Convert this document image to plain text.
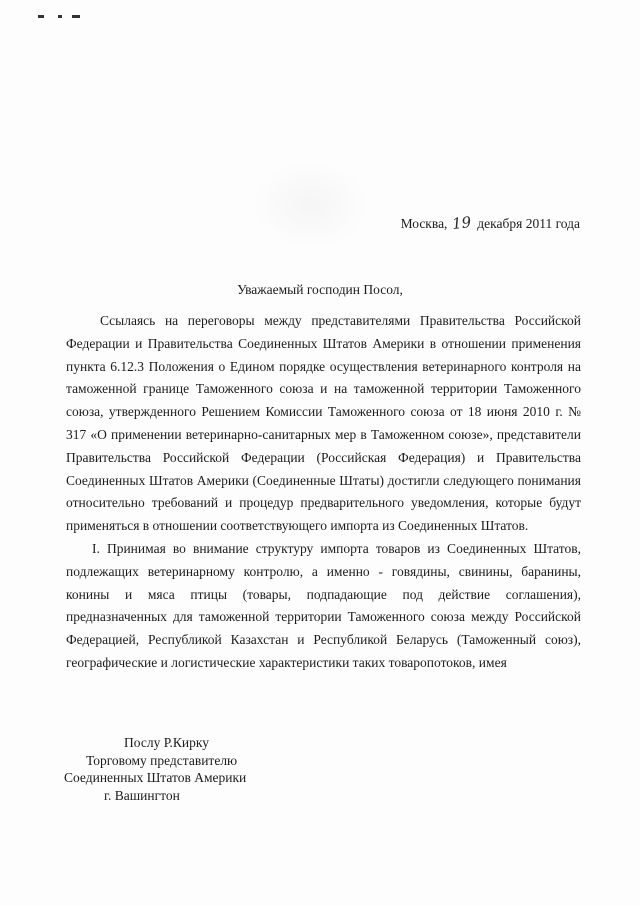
Москва, 19 декабря 2011 года
Уважаемый господин Посол,

Ссылаясь на переговоры между представителями Правительства Российской Федерации и Правительства Соединенных Штатов Америки в отношении применения пункта 6.12.3 Положения о Едином порядке осуществления ветеринарного контроля на таможенной границе Таможенного союза и на таможенной территории Таможенного союза, утвержденного Решением Комиссии Таможенного союза от 18 июня 2010 г. № 317 «О применении ветеринарно-санитарных мер в Таможенном союзе», представители Правительства Российской Федерации (Российская Федерация) и Правительства Соединенных Штатов Америки (Соединенные Штаты) достигли следующего понимания относительно требований и процедур предварительного уведомления, которые будут применяться в отношении соответствующего импорта из Соединенных Штатов.

I. Принимая во внимание структуру импорта товаров из Соединенных Штатов, подлежащих ветеринарному контролю, а именно - говядины, свинины, баранины, конины и мяса птицы (товары, подпадающие под действие соглашения), предназначенных для таможенной территории Таможенного союза между Российской Федерацией, Республикой Казахстан и Республикой Беларусь (Таможенный союз), географические и логистические характеристики таких товаропотоков, имея

Послу Р.Кирку
Торговому представителю
Соединенных Штатов Америки
г. Вашингтон
